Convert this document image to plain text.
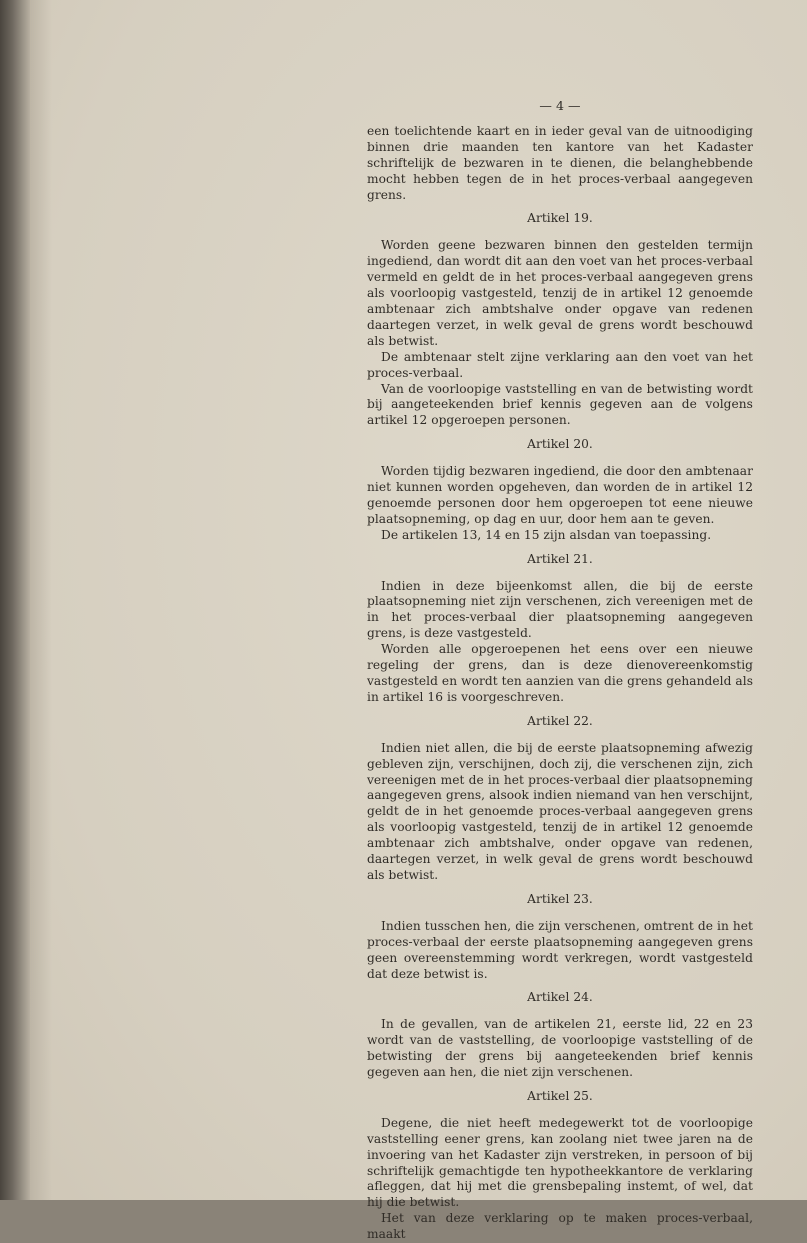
— 4 —

een toelichtende kaart en in ieder geval van de uitnoodiging binnen drie maanden ten kantore van het Kadaster schriftelijk de bezwaren in te dienen, die belanghebbende mocht hebben tegen de in het proces-verbaal aangegeven grens.

Artikel 19.

Worden geene bezwaren binnen den gestelden termijn ingediend, dan wordt dit aan den voet van het proces-verbaal vermeld en geldt de in het proces-verbaal aangegeven grens als voorloopig vastgesteld, tenzij de in artikel 12 genoemde ambtenaar zich ambtshalve onder opgave van redenen daartegen verzet, in welk geval de grens wordt beschouwd als betwist.

De ambtenaar stelt zijne verklaring aan den voet van het proces-verbaal.

Van de voorloopige vaststelling en van de betwisting wordt bij aangeteekenden brief kennis gegeven aan de volgens artikel 12 opgeroepen personen.

Artikel 20.

Worden tijdig bezwaren ingediend, die door den ambtenaar niet kunnen worden opgeheven, dan worden de in artikel 12 genoemde personen door hem opgeroepen tot eene nieuwe plaatsopneming, op dag en uur, door hem aan te geven.

De artikelen 13, 14 en 15 zijn alsdan van toepassing.

Artikel 21.

Indien in deze bijeenkomst allen, die bij de eerste plaatsopneming niet zijn verschenen, zich vereenigen met de in het proces-verbaal dier plaatsopneming aangegeven grens, is deze vastgesteld.

Worden alle opgeroepenen het eens over een nieuwe regeling der grens, dan is deze dienovereenkomstig vastgesteld en wordt ten aanzien van die grens gehandeld als in artikel 16 is voorgeschreven.

Artikel 22.

Indien niet allen, die bij de eerste plaatsopneming afwezig gebleven zijn, verschijnen, doch zij, die verschenen zijn, zich vereenigen met de in het proces-verbaal dier plaatsopneming aangegeven grens, alsook indien niemand van hen verschijnt, geldt de in het genoemde proces-verbaal aangegeven grens als voorloopig vastgesteld, tenzij de in artikel 12 genoemde ambtenaar zich ambtshalve, onder opgave van redenen, daartegen verzet, in welk geval de grens wordt beschouwd als betwist.

Artikel 23.

Indien tusschen hen, die zijn verschenen, omtrent de in het proces-verbaal der eerste plaatsopneming aangegeven grens geen overeenstemming wordt verkregen, wordt vastgesteld dat deze betwist is.

Artikel 24.

In de gevallen, van de artikelen 21, eerste lid, 22 en 23 wordt van de vaststelling, de voorloopige vaststelling of de betwisting der grens bij aangeteekenden brief kennis gegeven aan hen, die niet zijn verschenen.

Artikel 25.

Degene, die niet heeft medegewerkt tot de voorloopige vaststelling eener grens, kan zoolang niet twee jaren na de invoering van het Kadaster zijn verstreken, in persoon of bij schriftelijk gemachtigde ten hypotheekkantore de verklaring afleggen, dat hij met die grensbepaling instemt, of wel, dat hij die betwist.

Het van deze verklaring op te maken proces-verbaal, maakt
